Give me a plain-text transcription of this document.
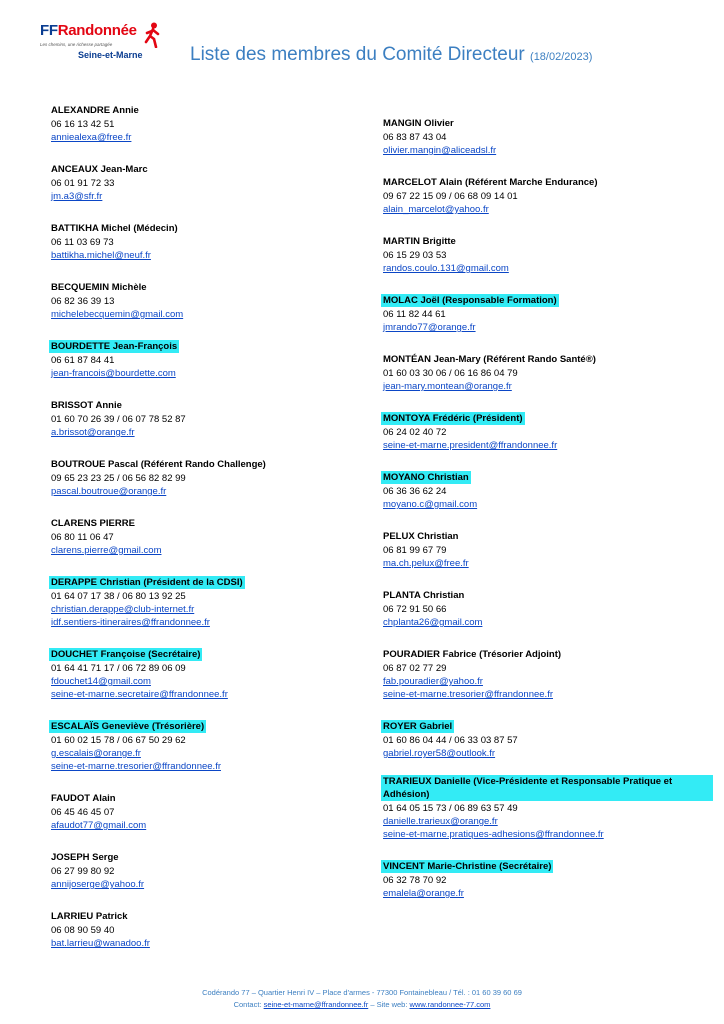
FFRandonnée
Les chemins, une richesse partagée
Seine-et-Marne Liste des membres du Comité Directeur (18/02/2023)
ALEXANDRE Annie
06 16 13 42 51
anniealexa@free.fr
ANCEAUX Jean-Marc
06 01 91 72 33
jm.a3@sfr.fr
BATTIKHA Michel (Médecin)
06 11 03 69 73
battikha.michel@neuf.fr
BECQUEMIN Michèle
06 82 36 39 13
michelebecquemin@gmail.com
BOURDETTE Jean-François
06 61 87 84 41
jean-francois@bourdette.com
BRISSOT Annie
01 60 70 26 39 / 06 07 78 52 87
a.brissot@orange.fr
BOUTROUE Pascal (Référent Rando Challenge)
09 65 23 23 25 / 06 56 82 82 99
pascal.boutroue@orange.fr
CLARENS PIERRE
06 80 11 06 47
clarens.pierre@gmail.com
DERAPPE Christian (Président de la CDSI)
01 64 07 17 38 / 06 80 13 92 25
christian.derappe@club-internet.fr
idf.sentiers-itineraires@ffrandonnee.fr
DOUCHET Françoise (Secrétaire)
01 64 41 71 17 / 06 72 89 06 09
fdouchet14@gmail.com
seine-et-marne.secretaire@ffrandonnee.fr
ESCALAÏS Geneviève (Trésorière)
01 60 02 15 78 / 06 67 50 29 62
g.escalais@orange.fr
seine-et-marne.tresorier@ffrandonnee.fr
FAUDOT Alain
06 45 46 45 07
afaudot77@gmail.com
JOSEPH Serge
06 27 99 80 92
annijoserge@yahoo.fr
LARRIEU Patrick
06 08 90 59 40
bat.larrieu@wanadoo.fr
MANGIN Olivier
06 83 87 43 04
olivier.mangin@aliceadsl.fr
MARCELOT Alain (Référent Marche Endurance)
09 67 22 15 09 / 06 68 09 14 01
alain_marcelot@yahoo.fr
MARTIN Brigitte
06 15 29 03 53
randos.coulo.131@gmail.com
MOLAC Joël (Responsable Formation)
06 11 82 44 61
jmrando77@orange.fr
MONTÉAN Jean-Mary (Référent Rando Santé®)
01 60 03 30 06 / 06 16 86 04 79
jean-mary.montean@orange.fr
MONTOYA Frédéric (Président)
06 24 02 40 72
seine-et-marne.president@ffrandonnee.fr
MOYANO Christian
06 36 36 62 24
moyano.c@gmail.com
PELUX Christian
06 81 99 67 79
ma.ch.pelux@free.fr
PLANTA Christian
06 72 91 50 66
chplanta26@gmail.com
POURADIER Fabrice (Trésorier Adjoint)
06 87 02 77 29
fab.pouradier@yahoo.fr
seine-et-marne.tresorier@ffrandonnee.fr
ROYER Gabriel
01 60 86 04 44 / 06 33 03 87 57
gabriel.royer58@outlook.fr
TRARIEUX Danielle (Vice-Présidente et Responsable Pratique et Adhésion)
01 64 05 15 73 / 06 89 63 57 49
danielle.trarieux@orange.fr
seine-et-marne.pratiques-adhesions@ffrandonnee.fr
VINCENT Marie-Christine (Secrétaire)
06 32 78 70 92
emalela@orange.fr
Codérando 77 – Quartier Henri IV – Place d'armes - 77300 Fontainebleau / Tél. : 01 60 39 60 69
Contact: seine-et-marne@ffrandonnee.fr – Site web: www.randonnee-77.com
